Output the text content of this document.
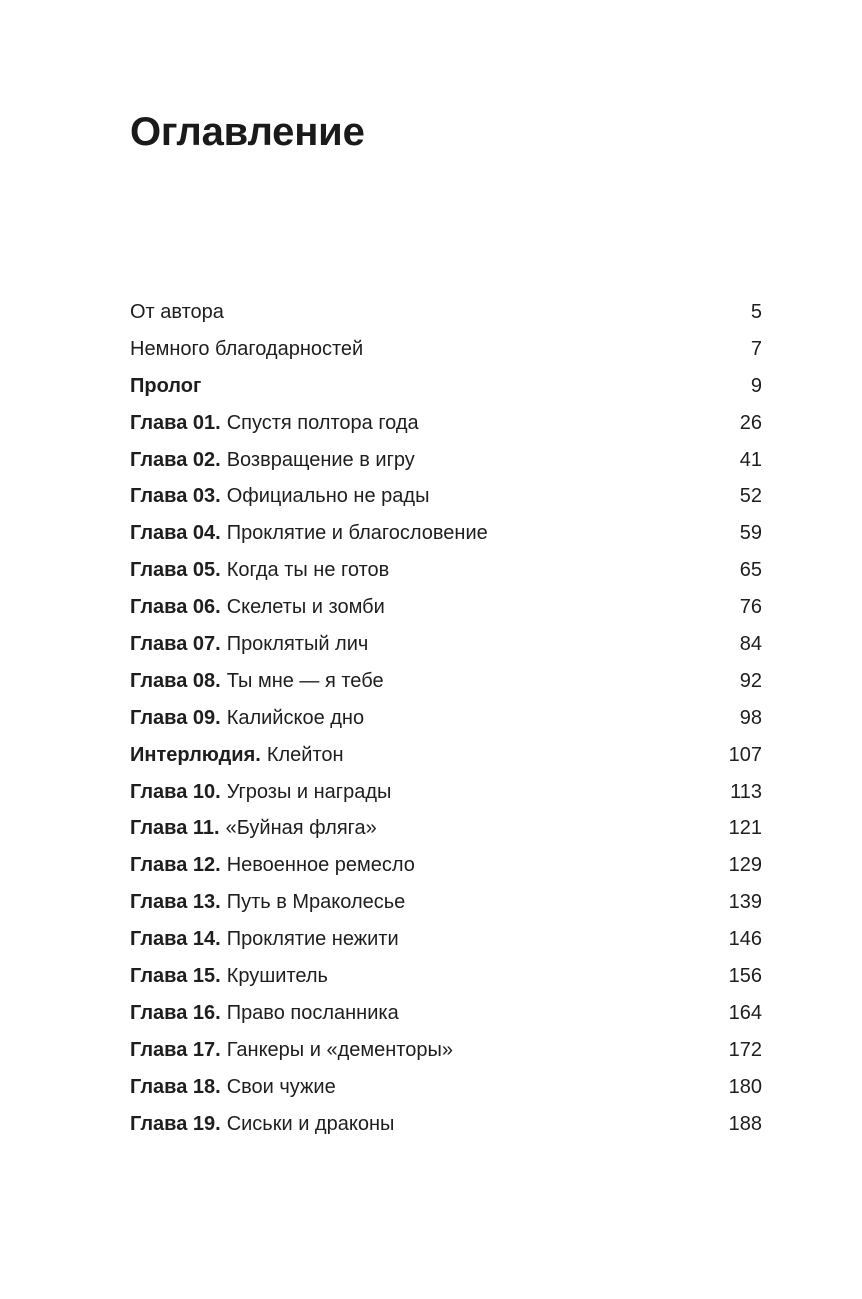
Оглавление
От автора	5
Немного благодарностей	7
Пролог	9
Глава 01. Спустя полтора года	26
Глава 02. Возвращение в игру	41
Глава 03. Официально не рады	52
Глава 04. Проклятие и благословение	59
Глава 05. Когда ты не готов	65
Глава 06. Скелеты и зомби	76
Глава 07. Проклятый лич	84
Глава 08. Ты мне — я тебе	92
Глава 09. Калийское дно	98
Интерлюдия. Клейтон	107
Глава 10. Угрозы и награды	113
Глава 11. «Буйная фляга»	121
Глава 12. Невоенное ремесло	129
Глава 13. Путь в Мраколесье	139
Глава 14. Проклятие нежити	146
Глава 15. Крушитель	156
Глава 16. Право посланника	164
Глава 17. Ганкеры и «дементоры»	172
Глава 18. Свои чужие	180
Глава 19. Сиськи и драконы	188
